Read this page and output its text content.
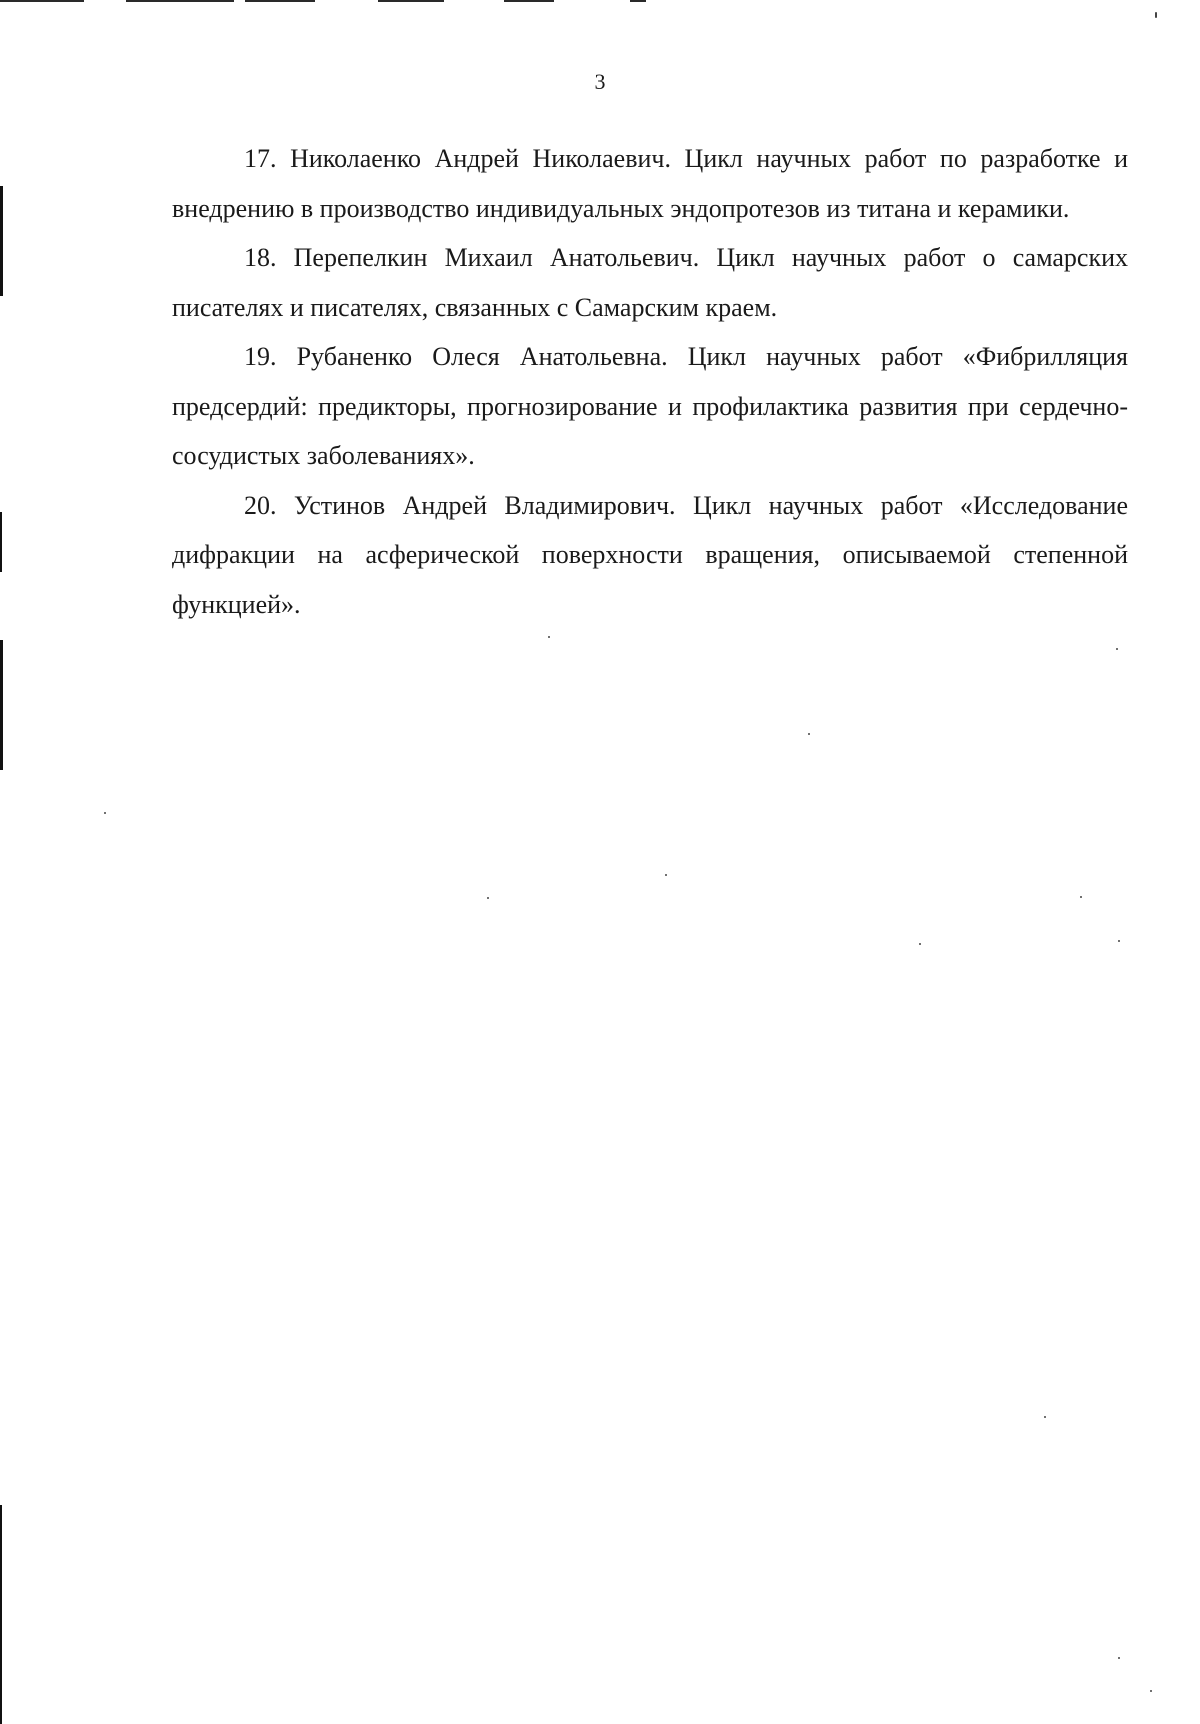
3

17. Николаенко Андрей Николаевич. Цикл научных работ по разработке и внедрению в производство индивидуальных эндопротезов из титана и керамики.

18. Перепелкин Михаил Анатольевич. Цикл научных работ о самарских писателях и писателях, связанных с Самарским краем.

19. Рубаненко Олеся Анатольевна. Цикл научных работ «Фибрилляция предсердий: предикторы, прогнозирование и профилактика развития при сердечно-сосудистых заболеваниях».

20. Устинов Андрей Владимирович. Цикл научных работ «Исследование дифракции на асферической поверхности вращения, описываемой степенной функцией».
